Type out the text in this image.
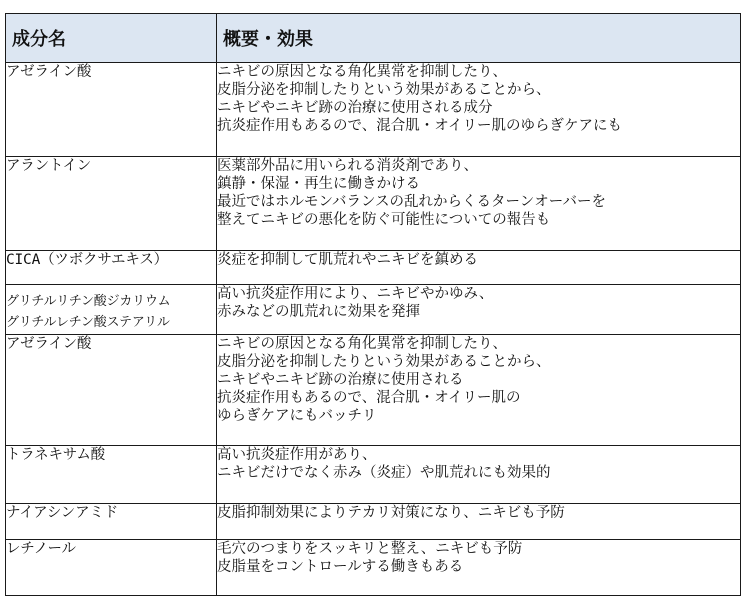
成分名	概要・効果

アゼライン酸	ニキビの原因となる角化異常を抑制したり、
皮脂分泌を抑制したりという効果があることから、
ニキビやニキビ跡の治療に使用される成分
抗炎症作用もあるので、混合肌・オイリー肌のゆらぎケアにも

アラントイン	医薬部外品に用いられる消炎剤であり、
鎮静・保湿・再生に働きかける
最近ではホルモンバランスの乱れからくるターンオーバーを
整えてニキビの悪化を防ぐ可能性についての報告も

CICA（ツボクサエキス）	炎症を抑制して肌荒れやニキビを鎮める

グリチルリチン酸ジカリウム
グリチルレチン酸ステアリル	高い抗炎症作用により、ニキビやかゆみ、
赤みなどの肌荒れに効果を発揮

アゼライン酸	ニキビの原因となる角化異常を抑制したり、
皮脂分泌を抑制したりという効果があることから、
ニキビやニキビ跡の治療に使用される
抗炎症作用もあるので、混合肌・オイリー肌の
ゆらぎケアにもバッチリ

トラネキサム酸	高い抗炎症作用があり、
ニキビだけでなく赤み（炎症）や肌荒れにも効果的

ナイアシンアミド	皮脂抑制効果によりテカリ対策になり、ニキビも予防

レチノール	毛穴のつまりをスッキリと整え、ニキビも予防
皮脂量をコントロールする働きもある
